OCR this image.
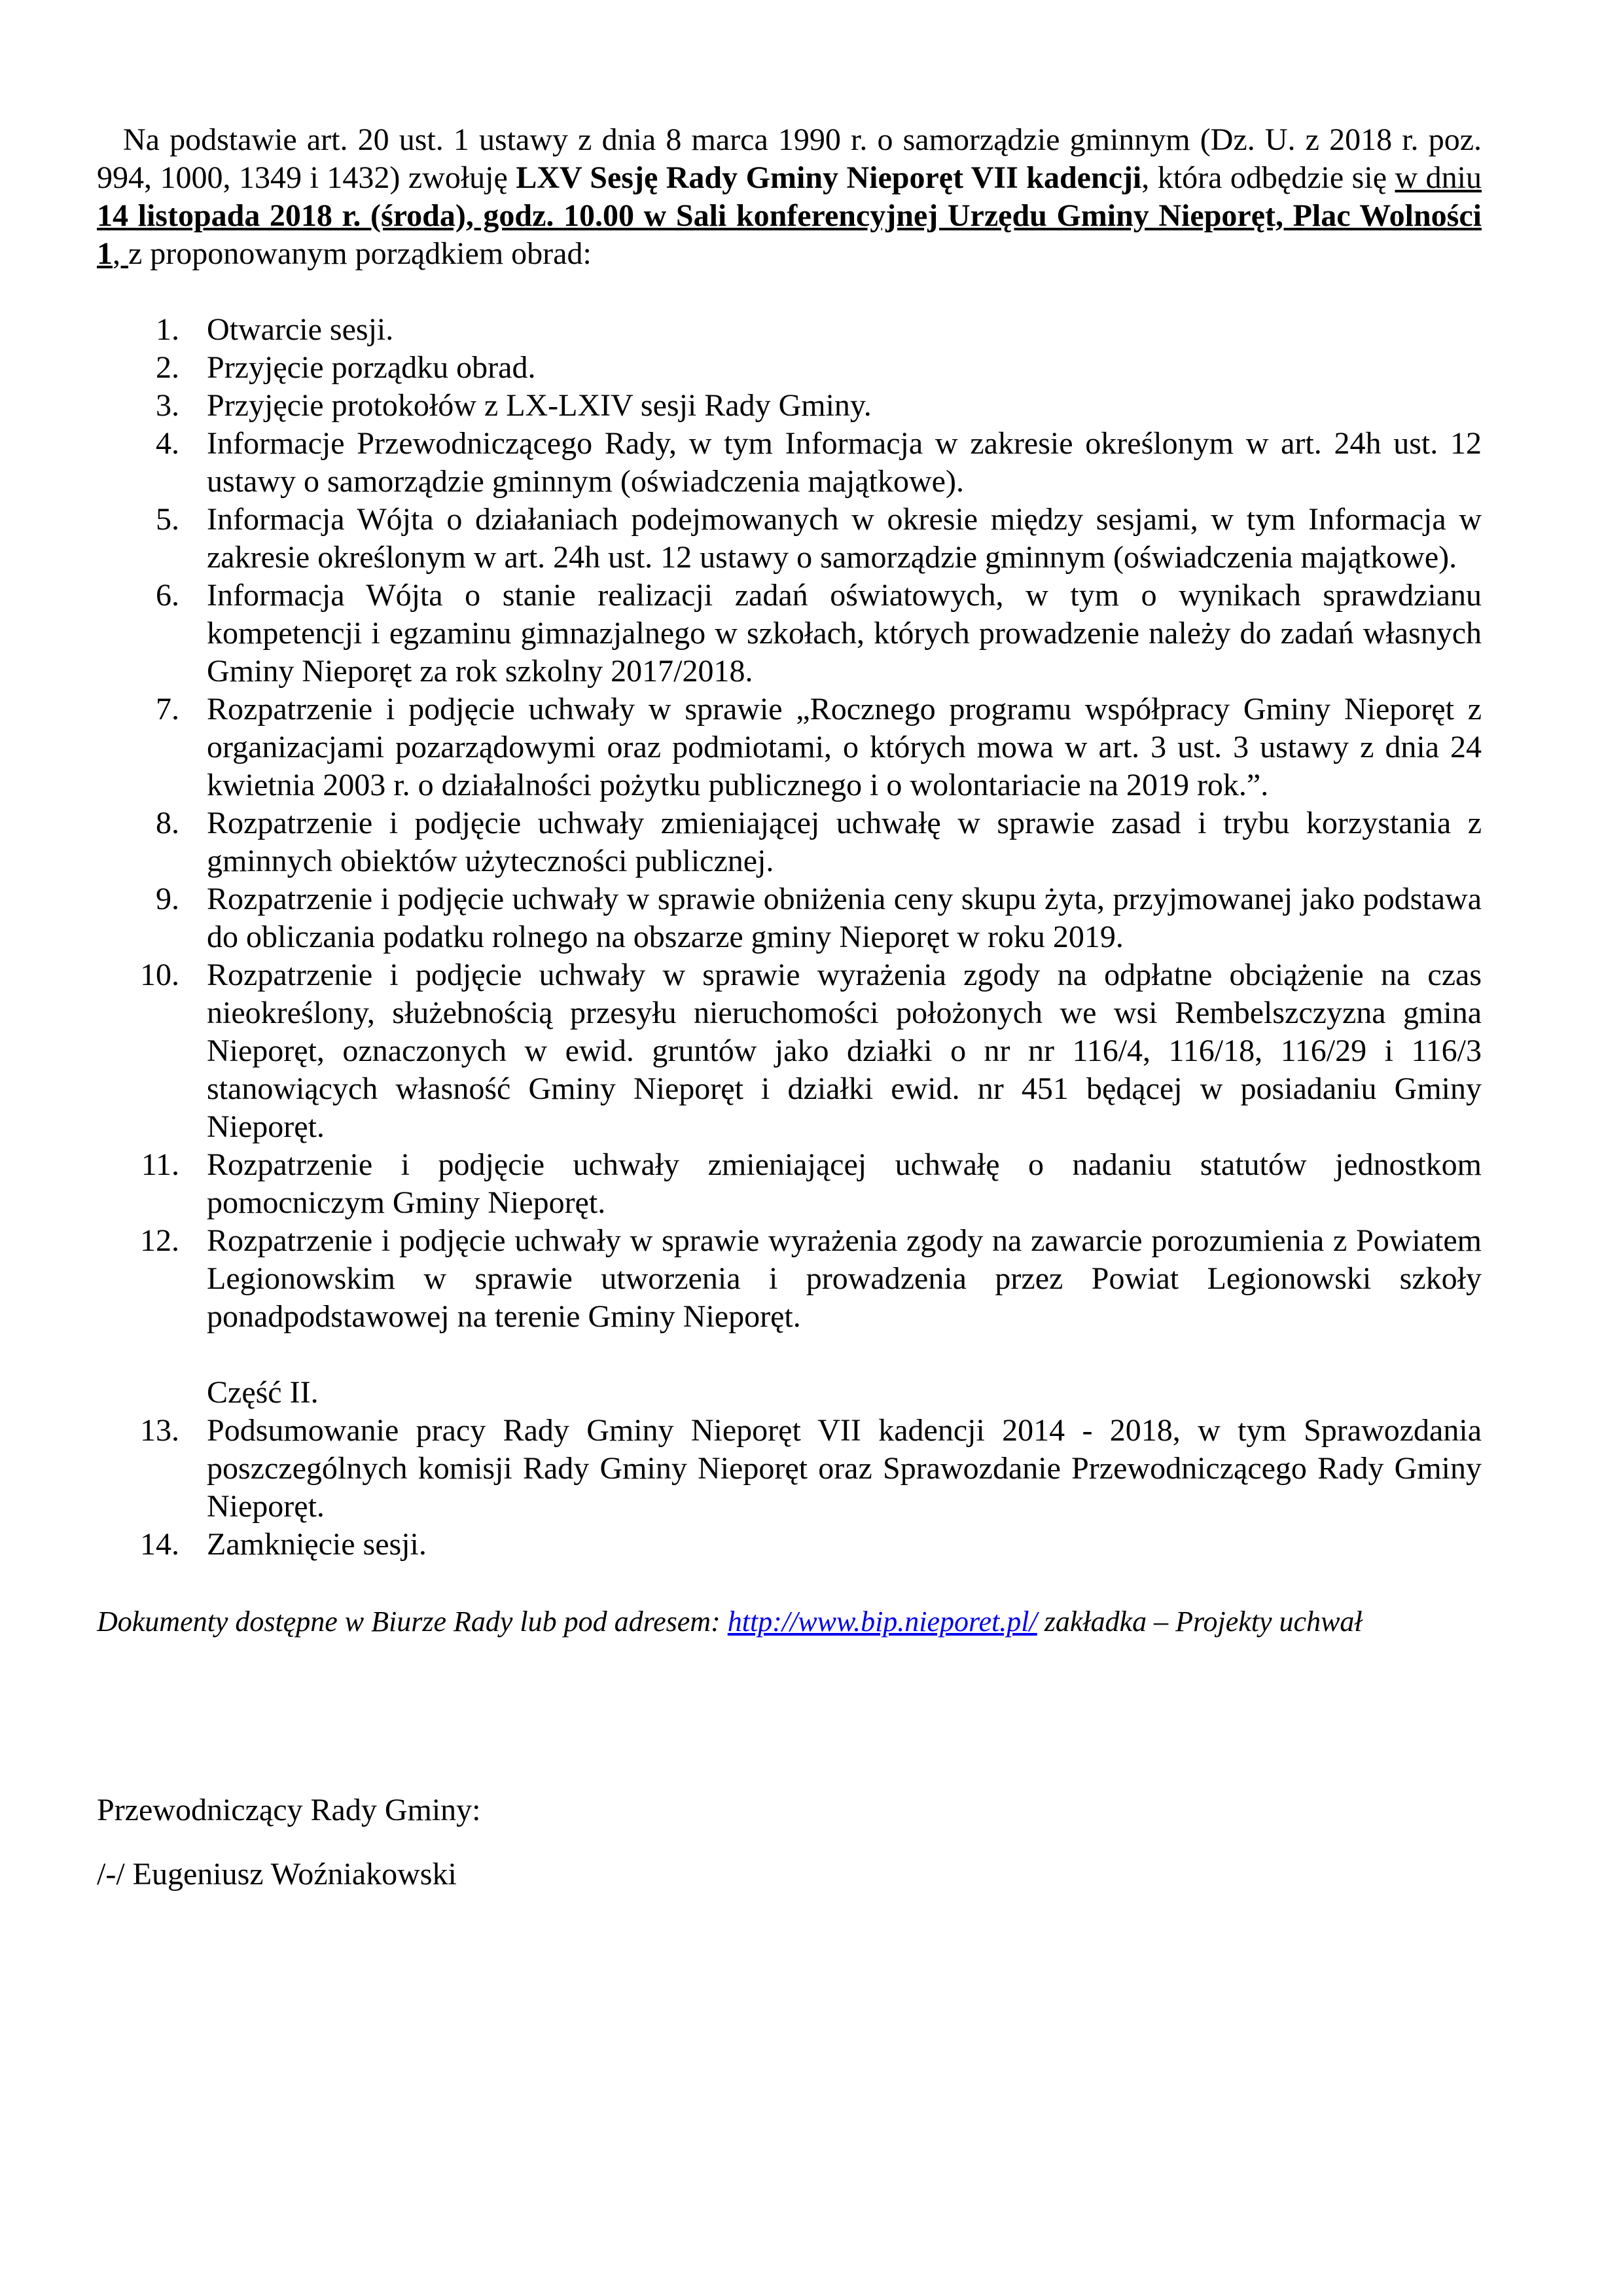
Na podstawie art. 20 ust. 1 ustawy z dnia 8 marca 1990 r. o samorządzie gminnym (Dz. U. z 2018 r. poz. 994, 1000, 1349 i 1432) zwołuję LXV Sesję Rady Gminy Nieporęt VII kadencji, która odbędzie się w dniu 14 listopada 2018 r. (środa), godz. 10.00 w Sali konferencyjnej Urzędu Gminy Nieporęt, Plac Wolności 1, z proponowanym porządkiem obrad:

1. Otwarcie sesji.
2. Przyjęcie porządku obrad.
3. Przyjęcie protokołów z LX-LXIV sesji Rady Gminy.
4. Informacje Przewodniczącego Rady, w tym Informacja w zakresie określonym w art. 24h ust. 12 ustawy o samorządzie gminnym (oświadczenia majątkowe).
5. Informacja Wójta o działaniach podejmowanych w okresie między sesjami, w tym Informacja w zakresie określonym w art. 24h ust. 12 ustawy o samorządzie gminnym (oświadczenia majątkowe).
6. Informacja Wójta o stanie realizacji zadań oświatowych, w tym o wynikach sprawdzianu kompetencji i egzaminu gimnazjalnego w szkołach, których prowadzenie należy do zadań własnych Gminy Nieporęt za rok szkolny 2017/2018.
7. Rozpatrzenie i podjęcie uchwały w sprawie „Rocznego programu współpracy Gminy Nieporęt z organizacjami pozarządowymi oraz podmiotami, o których mowa w art. 3 ust. 3 ustawy z dnia 24 kwietnia 2003 r. o działalności pożytku publicznego i o wolontariacie na 2019 rok.”.
8. Rozpatrzenie i podjęcie uchwały zmieniającej uchwałę w sprawie zasad i trybu korzystania z gminnych obiektów użyteczności publicznej.
9. Rozpatrzenie i podjęcie uchwały w sprawie obniżenia ceny skupu żyta, przyjmowanej jako podstawa do obliczania podatku rolnego na obszarze gminy Nieporęt w roku 2019.
10. Rozpatrzenie i podjęcie uchwały w sprawie wyrażenia zgody na odpłatne obciążenie na czas nieokreślony, służebnością przesyłu nieruchomości położonych we wsi Rembelszczyzna gmina Nieporęt, oznaczonych w ewid. gruntów jako działki o nr nr 116/4, 116/18, 116/29 i 116/3 stanowiących własność Gminy Nieporęt i działki ewid. nr 451 będącej w posiadaniu Gminy Nieporęt.
11. Rozpatrzenie i podjęcie uchwały zmieniającej uchwałę o nadaniu statutów jednostkom pomocniczym Gminy Nieporęt.
12. Rozpatrzenie i podjęcie uchwały w sprawie wyrażenia zgody na zawarcie porozumienia z Powiatem Legionowskim w sprawie utworzenia i prowadzenia przez Powiat Legionowski szkoły ponadpodstawowej na terenie Gminy Nieporęt.
Część II.
13. Podsumowanie pracy Rady Gminy Nieporęt VII kadencji 2014 - 2018, w tym Sprawozdania poszczególnych komisji Rady Gminy Nieporęt oraz Sprawozdanie Przewodniczącego Rady Gminy Nieporęt.
14. Zamknięcie sesji.
Dokumenty dostępne w Biurze Rady lub pod adresem: http://www.bip.nieporet.pl/ zakładka – Projekty uchwał
Przewodniczący Rady Gminy:
/-/ Eugeniusz Woźniakowski
